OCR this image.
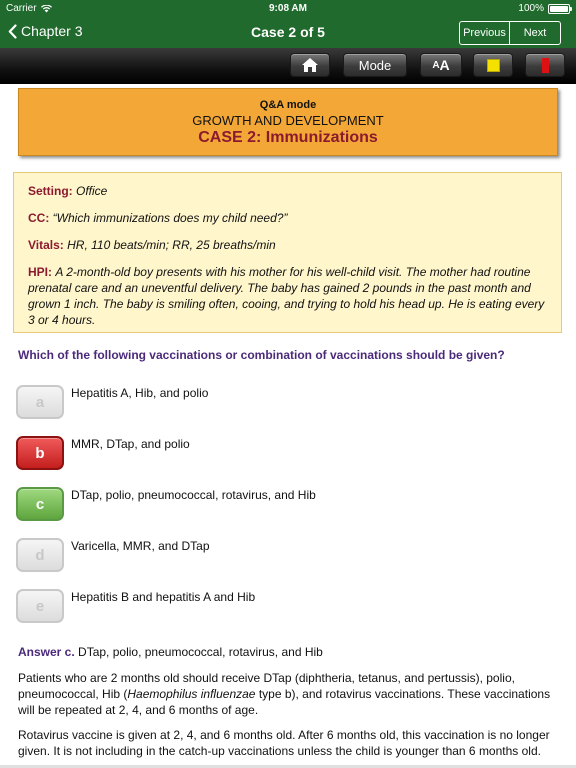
Carrier	9:08 AM	100%
Chapter 3	Case 2 of 5	Previous	Next
Mode	A A
Q&A mode
GROWTH AND DEVELOPMENT
CASE 2: Immunizations
Setting: Office
CC: “Which immunizations does my child need?”
Vitals: HR, 110 beats/min; RR, 25 breaths/min
HPI: A 2-month-old boy presents with his mother for his well-child visit. The mother had routine prenatal care and an uneventful delivery. The baby has gained 2 pounds in the past month and grown 1 inch. The baby is smiling often, cooing, and trying to hold his head up. He is eating every 3 or 4 hours.
Which of the following vaccinations or combination of vaccinations should be given?
a
Hepatitis A, Hib, and polio
b
MMR, DTap, and polio
c
DTap, polio, pneumococcal, rotavirus, and Hib
d
Varicella, MMR, and DTap
e
Hepatitis B and hepatitis A and Hib
Answer c. DTap, polio, pneumococcal, rotavirus, and Hib
Patients who are 2 months old should receive DTap (diphtheria, tetanus, and pertussis), polio, pneumococcal, Hib (Haemophilus influenzae type b), and rotavirus vaccinations. These vaccinations will be repeated at 2, 4, and 6 months of age.
Rotavirus vaccine is given at 2, 4, and 6 months old. After 6 months old, this vaccination is no longer given. It is not including in the catch-up vaccinations unless the child is younger than 6 months old.
